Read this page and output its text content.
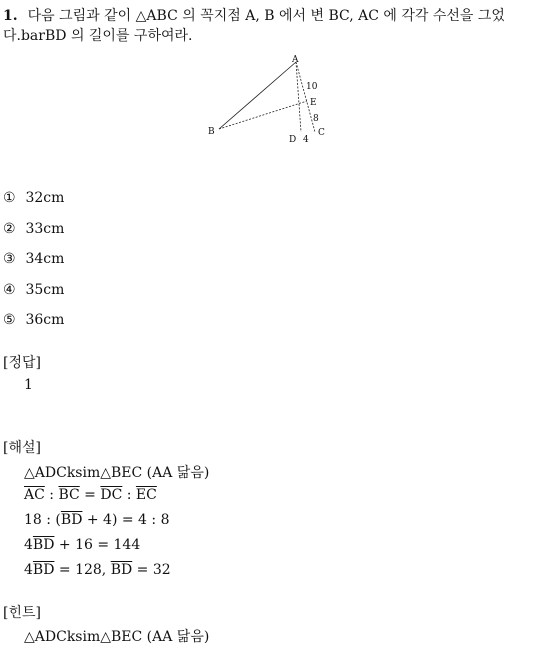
1. 다음 그림과 같이 △ABC 의 꼭지점 A, B 에서 변 BC, AC 에 각각 수선을 그었다.barBD 의 길이를 구하여라.
A
B	C
D
E
10
8
4
① 32cm
② 33cm
③ 34cm
④ 35cm
⑤ 36cm
[정답]
1
[해설]
△ADCksim△BEC (AA 닮음)
$\overline{AC}$ : $\overline{BC} = \overline{DC}$ : $\overline{EC}$
18 : $(\overline{BD} + 4) = 4$ : 8
$4\overline{BD} + 16 = 144$
$4\overline{BD} = 128$, $\overline{BD} = 32$
[힌트]
△ADCksim△BEC (AA 닮음)
